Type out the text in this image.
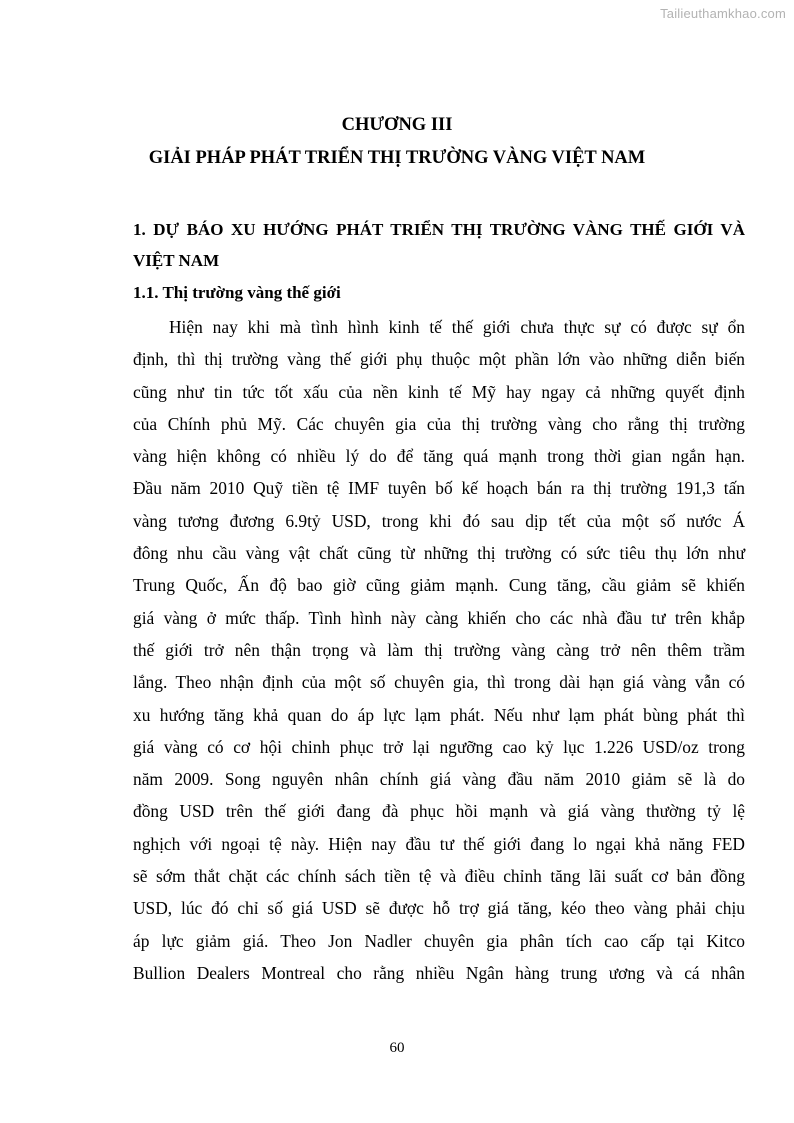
Tailieuthamkhao.com
CHƯƠNG III
GIẢI PHÁP PHÁT TRIỂN THỊ TRƯỜNG VÀNG VIỆT NAM
1. DỰ BÁO XU HƯỚNG PHÁT TRIỂN THỊ TRƯỜNG VÀNG THẾ GIỚI VÀ VIỆT NAM
1.1. Thị trường vàng thế giới
Hiện nay khi mà tình hình kinh tế thế giới chưa thực sự có được sự ổn
định, thì thị trường vàng thế giới phụ thuộc một phần lớn vào những diễn biến
cũng như tin tức tốt xấu của nền kinh tế Mỹ hay ngay cả những quyết định
của Chính phủ Mỹ. Các chuyên gia của thị trường vàng cho rằng thị trường
vàng hiện không có nhiều lý do để tăng quá mạnh trong thời gian ngắn hạn.
Đầu năm 2010 Quỹ tiền tệ IMF tuyên bố kế hoạch bán ra thị trường 191,3 tấn
vàng tương đương 6.9tỷ USD, trong khi đó sau dịp tết của một số nước Á
đông nhu cầu vàng vật chất cũng từ những thị trường có sức tiêu thụ lớn như
Trung Quốc, Ấn độ bao giờ cũng giảm mạnh. Cung tăng, cầu giảm sẽ khiến
giá vàng ở mức thấp. Tình hình này càng khiến cho các nhà đầu tư trên khắp
thế giới trở nên thận trọng và làm thị trường vàng càng trở nên thêm trầm
lắng. Theo nhận định của một số chuyên gia, thì trong dài hạn giá vàng vẫn có
xu hướng tăng khả quan do áp lực lạm phát. Nếu như lạm phát bùng phát thì
giá vàng có cơ hội chinh phục trở lại ngưỡng cao kỷ lục 1.226 USD/oz trong
năm 2009. Song nguyên nhân chính giá vàng đầu năm 2010 giảm sẽ là do
đồng USD trên thế giới đang đà phục hồi mạnh và giá vàng thường tỷ lệ
nghịch với ngoại tệ này. Hiện nay đầu tư thế giới đang lo ngại khả năng FED
sẽ sớm thắt chặt các chính sách tiền tệ và điều chỉnh tăng lãi suất cơ bản đồng
USD, lúc đó chỉ số giá USD sẽ được hỗ trợ giá tăng, kéo theo vàng phải chịu
áp lực giảm giá. Theo Jon Nadler chuyên gia phân tích cao cấp tại Kitco
Bullion Dealers Montreal cho rằng nhiều Ngân hàng trung ương và cá nhân
60
